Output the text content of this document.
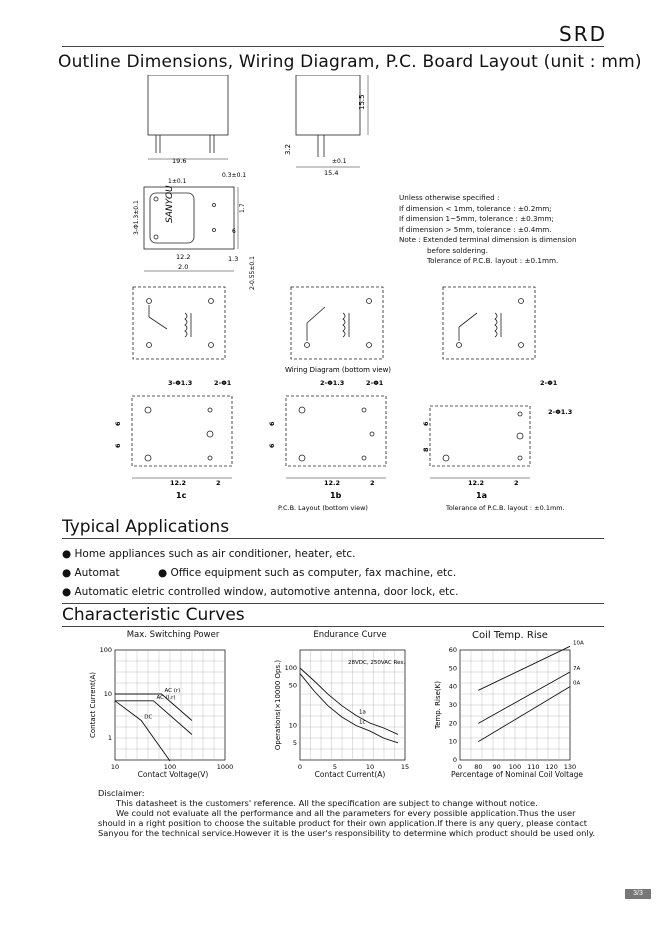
SRD
Outline Dimensions, Wiring Diagram, P.C. Board Layout (unit : mm)
19.6
15.4
15.5
3.2
±0.1
SANYOU
1±0.1
0.3±0.1
3-Φ1.3±0.1	1.7
6
12.2
2.0
1.3 2-0.55±0.1
Unless otherwise specified :
If dimension < 1mm, tolerance : ±0.2mm;
If dimension 1~5mm, tolerance : ±0.3mm;
If dimension > 5mm, tolerance : ±0.4mm.
Note : Extended terminal dimension is dimension
before soldering.
Tolerance of P.C.B. layout : ±0.1mm.
Wiring Diagram (bottom view)
3-Φ1.3	2-Φ1
6
6
12.2	2
1c
2-Φ1.3	2-Φ1
6
6
12.2	2
1b
2-Φ1
2-Φ1.3
6
8
12.2	2
1a
P.C.B. Layout (bottom view)	Tolerance of P.C.B. layout : ±0.1mm.
Typical Applications
● Home appliances such as air conditioner, heater, etc.
● Automat	● Office equipment such as computer, fax machine, etc.
● Automatic eletric controlled window, automotive antenna, door lock, etc.
Characteristic Curves
Max. Switching Power	Endurance Curve	Coil Temp. Rise
10	100	1000
100
10
1
Contact Current(A)	AC (r)
AC (l.r)
DC
0	5	10	15
100
50
10
5
Operations(×10000 Ops.)	1a
1c
28VDC, 250VAC Res.
0 80 90 100 110 120 130
60
50
40
30
20
10
0
Temp. Rise(K)
10A
7A
0A
Contact Voltage(V)	Contact Current(A)	Percentage of Nominal Coil Voltage
Disclaimer:
This datasheet is the customers' reference. All the specification are subject to change without notice.
We could not evaluate all the performance and all the parameters for every possible application.Thus the user should in a right position to choose the suitable product for their own application.If there is any query, please contact Sanyou for the technical service.However it is the user's responsibility to determine which product should be used only.
3/3
